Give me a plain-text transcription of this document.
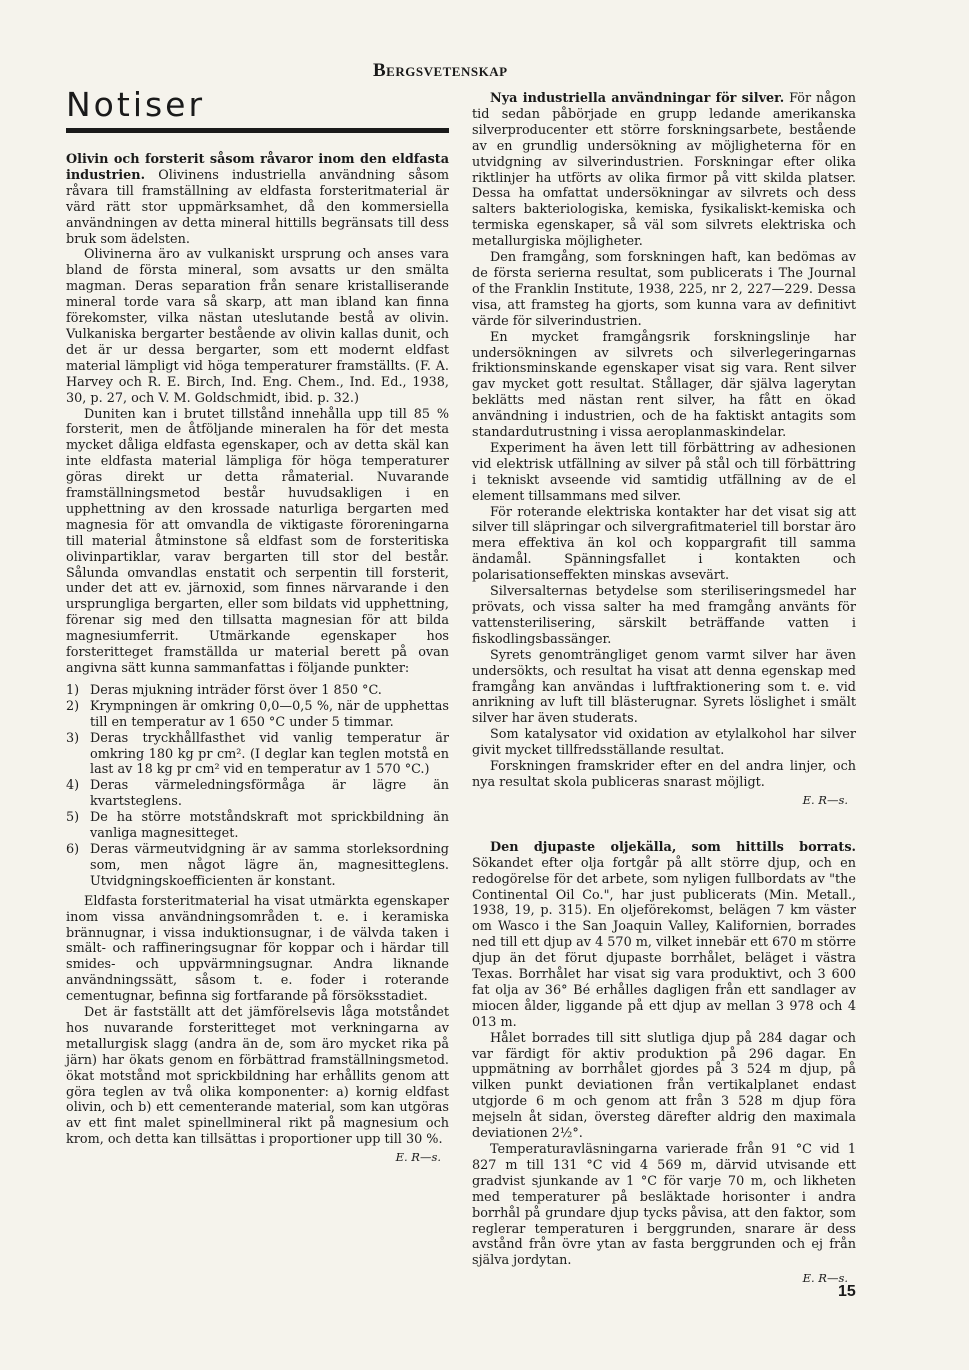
Bergsvetenskap
Notiser

Olivin och forsterit såsom råvaror inom den eldfasta industrien. Olivinens industriella användning såsom råvara till framställning av eldfasta forsteritmaterial är värd rätt stor uppmärksamhet, då den kommersiella användningen av detta mineral hittills begränsats till dess bruk som ädelsten.

Olivinerna äro av vulkaniskt ursprung och anses vara bland de första mineral, som avsatts ur den smälta magman. Deras separation från senare kristalliserande mineral torde vara så skarp, att man ibland kan finna förekomster, vilka nästan uteslutande bestå av olivin. Vulkaniska bergarter bestående av olivin kallas dunit, och det är ur dessa bergarter, som ett modernt eldfast material lämpligt vid höga temperaturer framställts. (F. A. Harvey och R. E. Birch, Ind. Eng. Chem., Ind. Ed., 1938, 30, p. 27, och V. M. Goldschmidt, ibid. p. 32.)

Duniten kan i brutet tillstånd innehålla upp till 85 % forsterit, men de åtföljande mineralen ha för det mesta mycket dåliga eldfasta egenskaper, och av detta skäl kan inte eldfasta material lämpliga för höga temperaturer göras direkt ur detta råmaterial. Nuvarande framställningsmetod består huvudsakligen i en upphettning av den krossade naturliga bergarten med magnesia för att omvandla de viktigaste föroreningarna till material åtminstone så eldfast som de forsteritiska olivinpartiklar, varav bergarten till stor del består. Sålunda omvandlas enstatit och serpentin till forsterit, under det att ev. järnoxid, som finnes närvarande i den ursprungliga bergarten, eller som bildats vid upphettning, förenar sig med den tillsatta magnesian för att bilda magnesiumferrit. Utmärkande egenskaper hos forsteritteget framställda ur material berett på ovan angivna sätt kunna sammanfattas i följande punkter:

1) Deras mjukning inträder först över 1 850 °C.
2) Krympningen är omkring 0,0—0,5 %, när de upphettas till en temperatur av 1 650 °C under 5 timmar.
3) Deras tryckhållfasthet vid vanlig temperatur är omkring 180 kg pr cm². (I deglar kan teglen motstå en last av 18 kg pr cm² vid en temperatur av 1 570 °C.)
4) Deras värmeledningsförmåga är lägre än kvartsteglens.
5) De ha större motståndskraft mot sprickbildning än vanliga magnesitteget.
6) Deras värmeutvidgning är av samma storleksordning som, men något lägre än, magnesitteglens. Utvidgningskoefficienten är konstant.

Eldfasta forsteritmaterial ha visat utmärkta egenskaper inom vissa användningsområden t. e. i keramiska brännugnar, i vissa induktionsugnar, i de välvda taken i smält- och raffineringsugnar för koppar och i härdar till smides- och uppvärmningsugnar. Andra liknande användningssätt, såsom t. e. foder i roterande cementugnar, befinna sig fortfarande på försöksstadiet.

Det är fastställt att det jämförelsevis låga motståndet hos nuvarande forsteritteget mot verkningarna av metallurgisk slagg (andra än de, som äro mycket rika på järn) har ökats genom en förbättrad framställningsmetod. ökat motstånd mot sprickbildning har erhållits genom att göra teglen av två olika komponenter: a) kornig eldfast olivin, och b) ett cementerande material, som kan utgöras av ett fint malet spinellmineral rikt på magnesium och krom, och detta kan tillsättas i proportioner upp till 30 %.

E. R—s.

Nya industriella användningar för silver. För någon tid sedan påbörjade en grupp ledande amerikanska silverproducenter ett större forskningsarbete, bestående av en grundlig undersökning av möjligheterna för en utvidgning av silverindustrien. Forskningar efter olika riktlinjer ha utförts av olika firmor på vitt skilda platser. Dessa ha omfattat undersökningar av silvrets och dess salters bakteriologiska, kemiska, fysikaliskt-kemiska och termiska egenskaper, så väl som silvrets elektriska och metallurgiska möjligheter.

Den framgång, som forskningen haft, kan bedömas av de första serierna resultat, som publicerats i The Journal of the Franklin Institute, 1938, 225, nr 2, 227—229. Dessa visa, att framsteg ha gjorts, som kunna vara av definitivt värde för silverindustrien.

En mycket framgångsrik forskningslinje har undersökningen av silvrets och silverlegeringarnas friktionsminskande egenskaper visat sig vara. Rent silver gav mycket gott resultat. Stållager, där själva lagerytan beklätts med nästan rent silver, ha fått en ökad användning i industrien, och de ha faktiskt antagits som standardutrustning i vissa aeroplanmaskindelar.

Experiment ha även lett till förbättring av adhesionen vid elektrisk utfällning av silver på stål och till förbättring i tekniskt avseende vid samtidig utfällning av de el element tillsammans med silver.

För roterande elektriska kontakter har det visat sig att silver till släpringar och silvergrafitmateriel till borstar äro mera effektiva än kol och koppargrafit till samma ändamål. Spänningsfallet i kontakten och polarisationseffekten minskas avsevärt.

Silversalternas betydelse som steriliseringsmedel har prövats, och vissa salter ha med framgång använts för vattensterilisering, särskilt beträffande vatten i fiskodlingsbassänger.

Syrets genomträngliget genom varmt silver har även undersökts, och resultat ha visat att denna egenskap med framgång kan användas i luftfraktionering som t. e. vid anrikning av luft till blästerugnar. Syrets löslighet i smält silver har även studerats.

Som katalysator vid oxidation av etylalkohol har silver givit mycket tillfredsställande resultat.

Forskningen framskrider efter en del andra linjer, och nya resultat skola publiceras snarast möjligt.

E. R—s.

Den djupaste oljekälla, som hittills borrats. Sökandet efter olja fortgår på allt större djup, och en redogörelse för det arbete, som nyligen fullbordats av "the Continental Oil Co.", har just publicerats (Min. Metall., 1938, 19, p. 315). En oljeförekomst, belägen 7 km väster om Wasco i the San Joaquin Valley, Kalifornien, borrades ned till ett djup av 4 570 m, vilket innebär ett 670 m större djup än det förut djupaste borrhålet, beläget i västra Texas. Borrhålet har visat sig vara produktivt, och 3 600 fat olja av 36° Bé erhålles dagligen från ett sandlager av miocen ålder, liggande på ett djup av mellan 3 978 och 4 013 m.

Hålet borrades till sitt slutliga djup på 284 dagar och var färdigt för aktiv produktion på 296 dagar. En uppmätning av borrhålet gjordes på 3 524 m djup, på vilken punkt deviationen från vertikalplanet endast utgjorde 6 m och genom att från 3 528 m djup föra mejseln åt sidan, översteg därefter aldrig den maximala deviationen 2½°.

Temperaturavläsningarna varierade från 91 °C vid 1 827 m till 131 °C vid 4 569 m, därvid utvisande ett gradvist sjunkande av 1 °C för varje 70 m, och likheten med temperaturer på besläktade horisonter i andra borrhål på grundare djup tycks påvisa, att den faktor, som reglerar temperaturen i berggrunden, snarare är dess avstånd från övre ytan av fasta berggrunden och ej från själva jordytan.

E. R—s.

15
